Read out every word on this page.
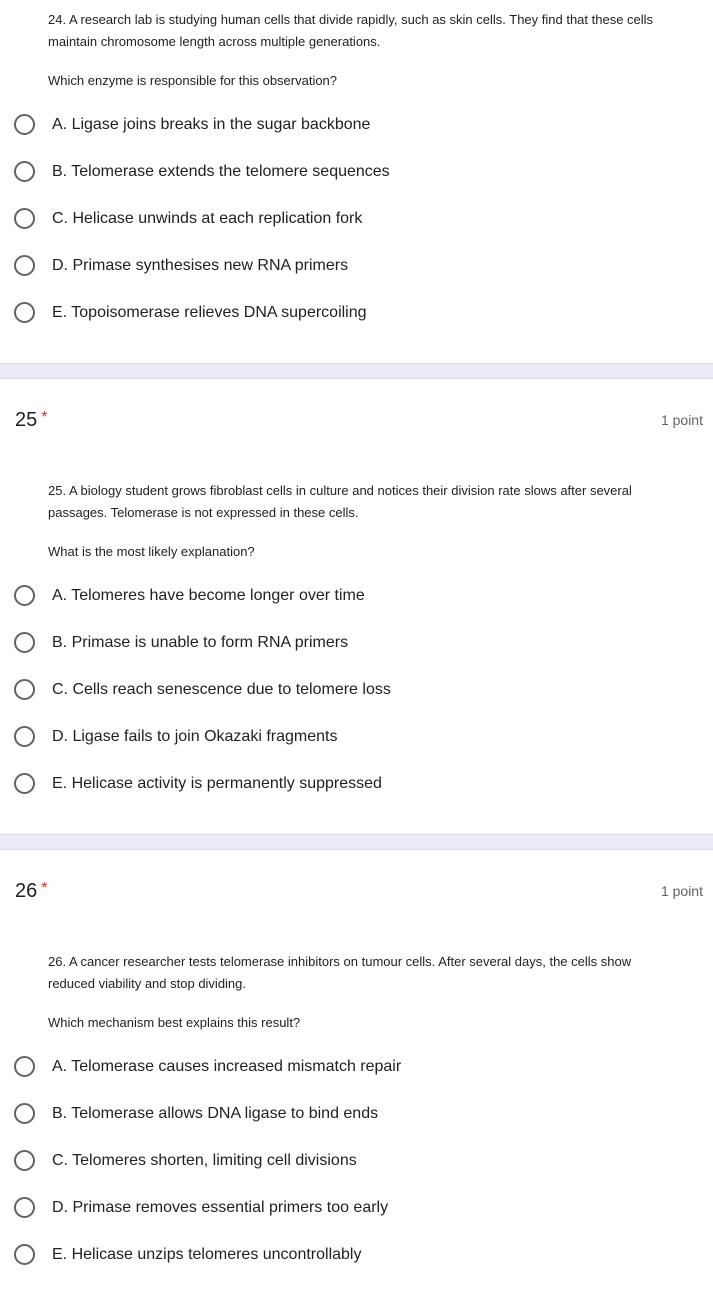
24. A research lab is studying human cells that divide rapidly, such as skin cells. They find that these cells maintain chromosome length across multiple generations.
Which enzyme is responsible for this observation?
A. Ligase joins breaks in the sugar backbone
B. Telomerase extends the telomere sequences
C. Helicase unwinds at each replication fork
D. Primase synthesises new RNA primers
E. Topoisomerase relieves DNA supercoiling
25 *	1 point
25. A biology student grows fibroblast cells in culture and notices their division rate slows after several passages. Telomerase is not expressed in these cells.
What is the most likely explanation?
A. Telomeres have become longer over time
B. Primase is unable to form RNA primers
C. Cells reach senescence due to telomere loss
D. Ligase fails to join Okazaki fragments
E. Helicase activity is permanently suppressed
26 *	1 point
26. A cancer researcher tests telomerase inhibitors on tumour cells. After several days, the cells show reduced viability and stop dividing.
Which mechanism best explains this result?
A. Telomerase causes increased mismatch repair
B. Telomerase allows DNA ligase to bind ends
C. Telomeres shorten, limiting cell divisions
D. Primase removes essential primers too early
E. Helicase unzips telomeres uncontrollably
